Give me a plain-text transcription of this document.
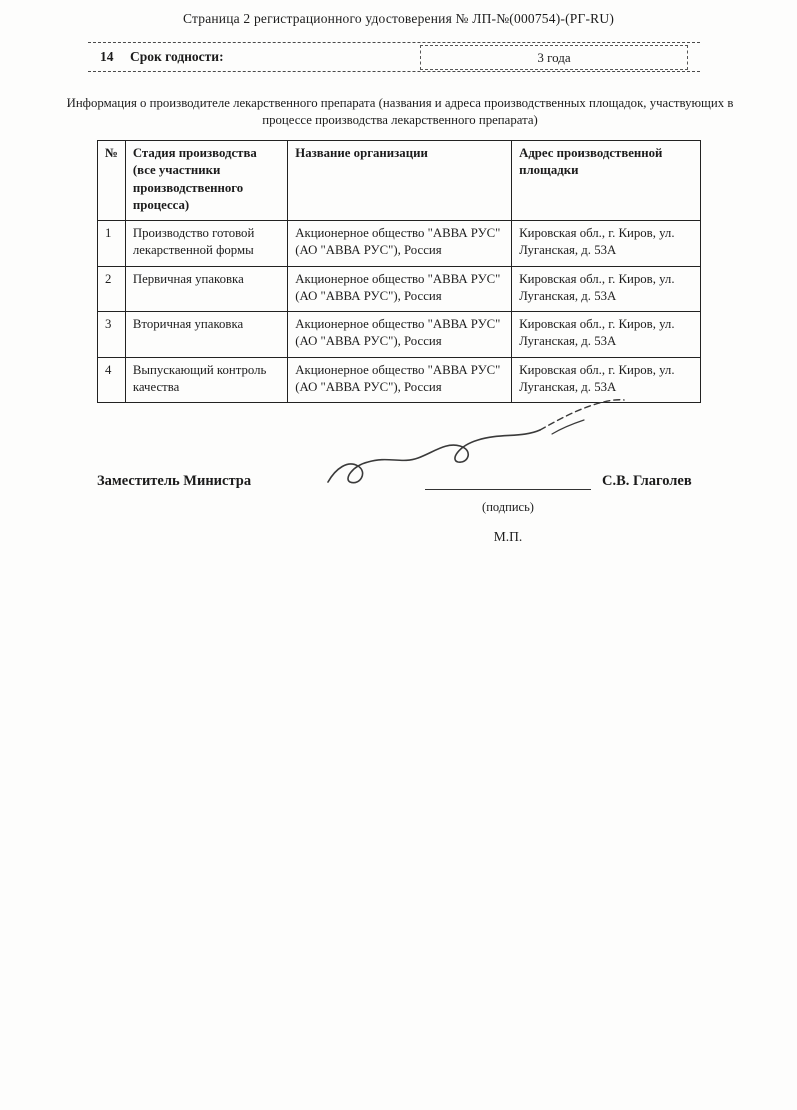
Страница 2 регистрационного удостоверения № ЛП-№(000754)-(РГ-RU)
14 Срок годности:	3 года
Информация о производителе лекарственного препарата (названия и адреса производственных площадок, участвующих в процессе производства лекарственного препарата)
№	Стадия производства (все участники производственного процесса)	Название организации	Адрес производственной площадки
1	Производство готовой лекарственной формы	Акционерное общество "АВВА РУС" (АО "АВВА РУС"), Россия	Кировская обл., г. Киров, ул. Луганская, д. 53А
2	Первичная упаковка	Акционерное общество "АВВА РУС" (АО "АВВА РУС"), Россия	Кировская обл., г. Киров, ул. Луганская, д. 53А
3	Вторичная упаковка	Акционерное общество "АВВА РУС" (АО "АВВА РУС"), Россия	Кировская обл., г. Киров, ул. Луганская, д. 53А
4	Выпускающий контроль качества	Акционерное общество "АВВА РУС" (АО "АВВА РУС"), Россия	Кировская обл., г. Киров, ул. Луганская, д. 53А
Заместитель Министра	С.В. Глаголев
(подпись)
М.П.
